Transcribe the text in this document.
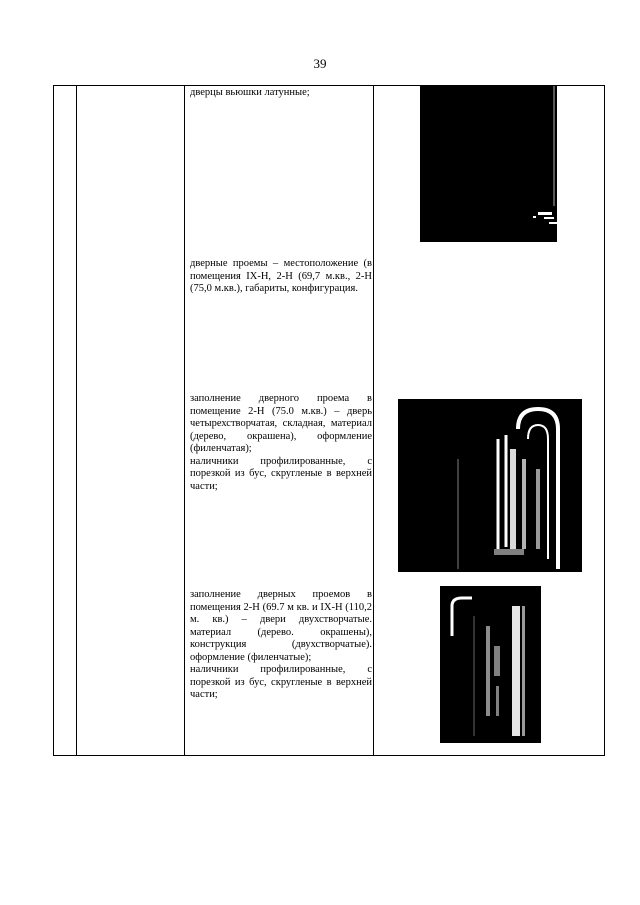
39

дверцы вьюшки латунные;

дверные проемы – местоположение (в помещения IX-Н, 2-Н (69,7 м.кв., 2-Н (75,0 м.кв.), габариты, конфигурация.

заполнение дверного проема в помещение 2-Н (75.0 м.кв.) – дверь четырехстворчатая, складная, материал (дерево, окрашена), оформление (филенчатая);

наличники профилированные, с порезкой из бус, скругленые в верхней части;

заполнение дверных проемов в помещения 2-Н (69.7 м кв. и IX-Н (110,2 м. кв.) – двери двухстворчатые. материал (дерево. окрашены), конструкция (двухстворчатые). оформление (филенчатые);

наличники профилированные, с порезкой из бус, скругленые в верхней части;
